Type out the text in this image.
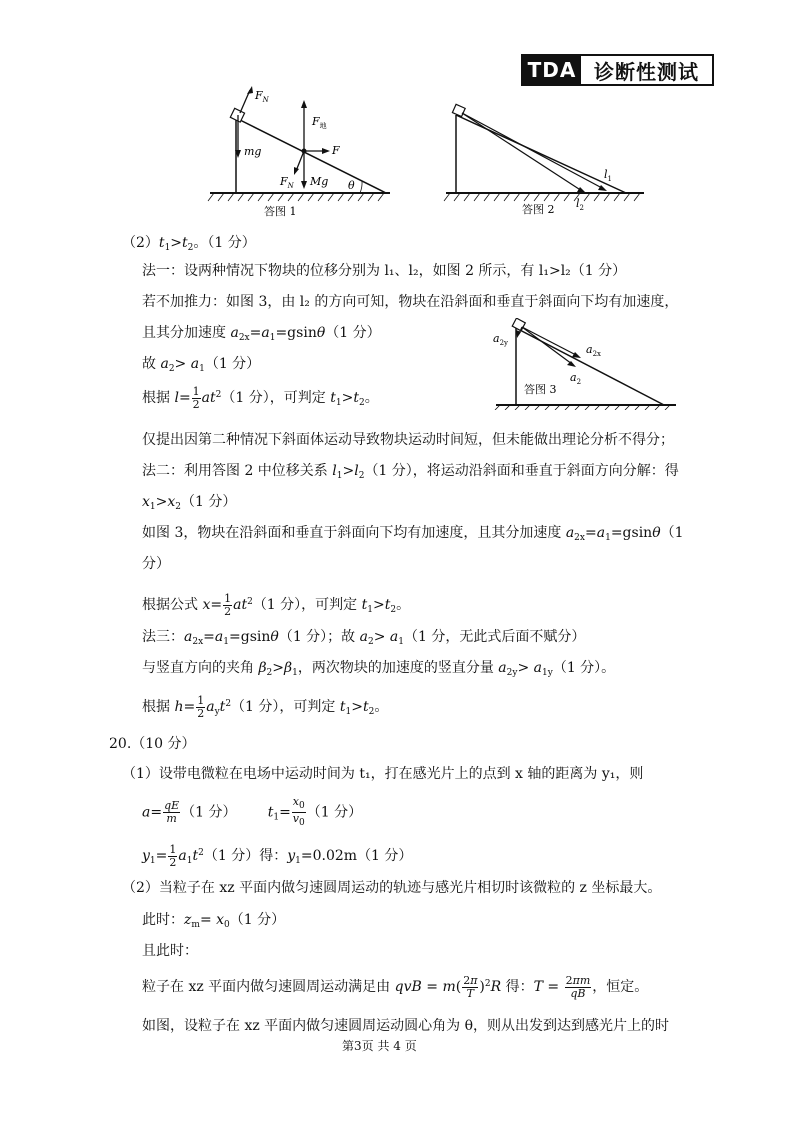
TDA 诊断性测试
$F_N$
mg
$F_地$
F
$F_N$ Mg θ
答图 1
$l_1$
$l_2$
答图 2
$a_{2y}$	$a_{2x}$
$a_2$
答图 3
$(2)t_1>t_2$。（1 分）
法一：设两种情况下物块的位移分别为 l₁、l₂，如图 2 所示，有 l₁>l₂（1 分）
若不加推力：如图 3，由 l₂ 的方向可知，物块在沿斜面和垂直于斜面向下均有加速度，
且其分加速度 $a_{2x}=a_1=gsin\theta(1$ 分）
故 $a_2> a_1(1$ 分）
根据 $l= \frac{1}{2} at^2(1$ 分），可判定 $t_1>t_2$。
仅提出因第二种情况下斜面体运动导致物块运动时间短，但未能做出理论分析不得分；
法二：利用答图 2 中位移关系 $l_1>l_2(1$ 分），将运动沿斜面和垂直于斜面方向分解：得
$x_1>x_2(1$ 分）
如图 3，物块在沿斜面和垂直于斜面向下均有加速度，且其分加速度 $a_{2x}=a_1=gsin\theta(1$
分）
根据公式 $x= \frac{1}{2} at^2(1$ 分），可判定 $t_1>t_2$。
法三：$a_{2x}=a_1=gsin\theta(1$ 分）；故 $a_2> a_1(1$ 分，无此式后面不赋分）
与竖直方向的夹角 $\beta_2>\beta_1$，两次物块的加速度的竖直分量 $a_{2y}> a_{1y}(1$ 分）。
根据 $h= \frac{1}{2} a_yt^2(1$ 分），可判定 $t_1>t_2$。
20.（10 分）
（1）设带电微粒在电场中运动时间为 t₁，打在感光片上的点到 x 轴的距离为 y₁，则
$a= \frac{qE}{m} (1$ 分） $t_1= \frac{x_0}{v_0} (1$ 分）
$y_1= \frac{1}{2} a_1t^2(1$ 分）得：$y_1=0.02m(1$ 分）
（2）当粒子在 xz 平面内做匀速圆周运动的轨迹与感光片相切时该微粒的 z 坐标最大。
此时：$z_m= x_0(1$ 分）
且此时：
粒子在 xz 平面内做匀速圆周运动满足由 qvB = $m( \frac{2\pi}{T} )^2R$ 得：$T = \frac{2\pi m}{qB}$ ，恒定。
如图，设粒子在 xz 平面内做匀速圆周运动圆心角为 θ，则从出发到达到感光片上的时
第3页 共 4 页
